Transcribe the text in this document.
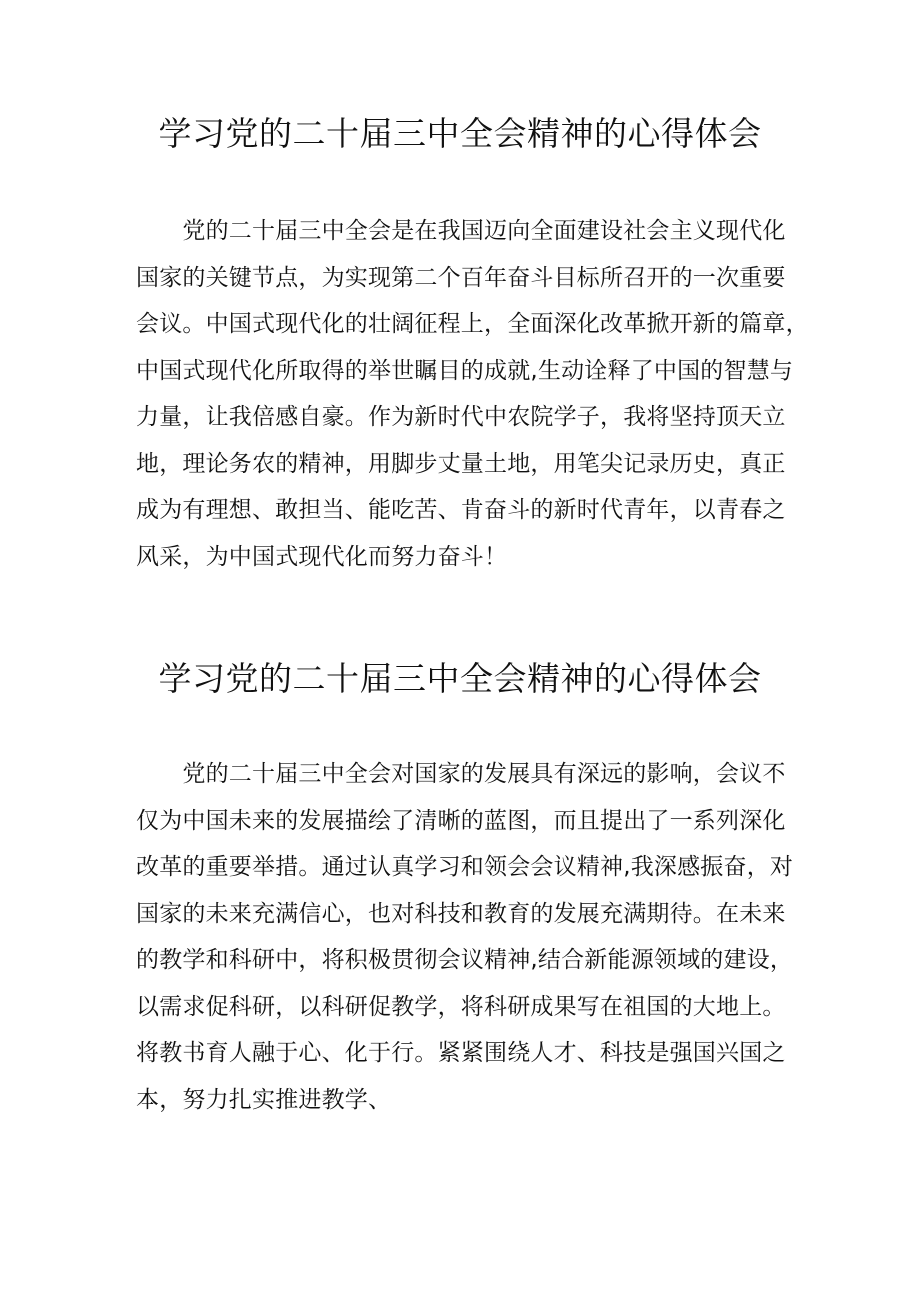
学习党的二十届三中全会精神的心得体会

　　党的二十届三中全会是在我国迈向全面建设社会主义现代化
国家的关键节点，为实现第二个百年奋斗目标所召开的一次重要
会议。中国式现代化的壮阔征程上，全面深化改革掀开新的篇章，
中国式现代化所取得的举世瞩目的成就,生动诠释了中国的智慧与
力量，让我倍感自豪。作为新时代中农院学子，我将坚持顶天立
地，理论务农的精神，用脚步丈量土地，用笔尖记录历史，真正
成为有理想、敢担当、能吃苦、肯奋斗的新时代青年，以青春之
风采，为中国式现代化而努力奋斗！

学习党的二十届三中全会精神的心得体会

　　党的二十届三中全会对国家的发展具有深远的影响，会议不
仅为中国未来的发展描绘了清晰的蓝图，而且提出了一系列深化
改革的重要举措。通过认真学习和领会会议精神,我深感振奋，对
国家的未来充满信心，也对科技和教育的发展充满期待。在未来
的教学和科研中，将积极贯彻会议精神,结合新能源领域的建设，
以需求促科研，以科研促教学，将科研成果写在祖国的大地上。
将教书育人融于心、化于行。紧紧围绕人才、科技是强国兴国之
本，努力扎实推进教学、
